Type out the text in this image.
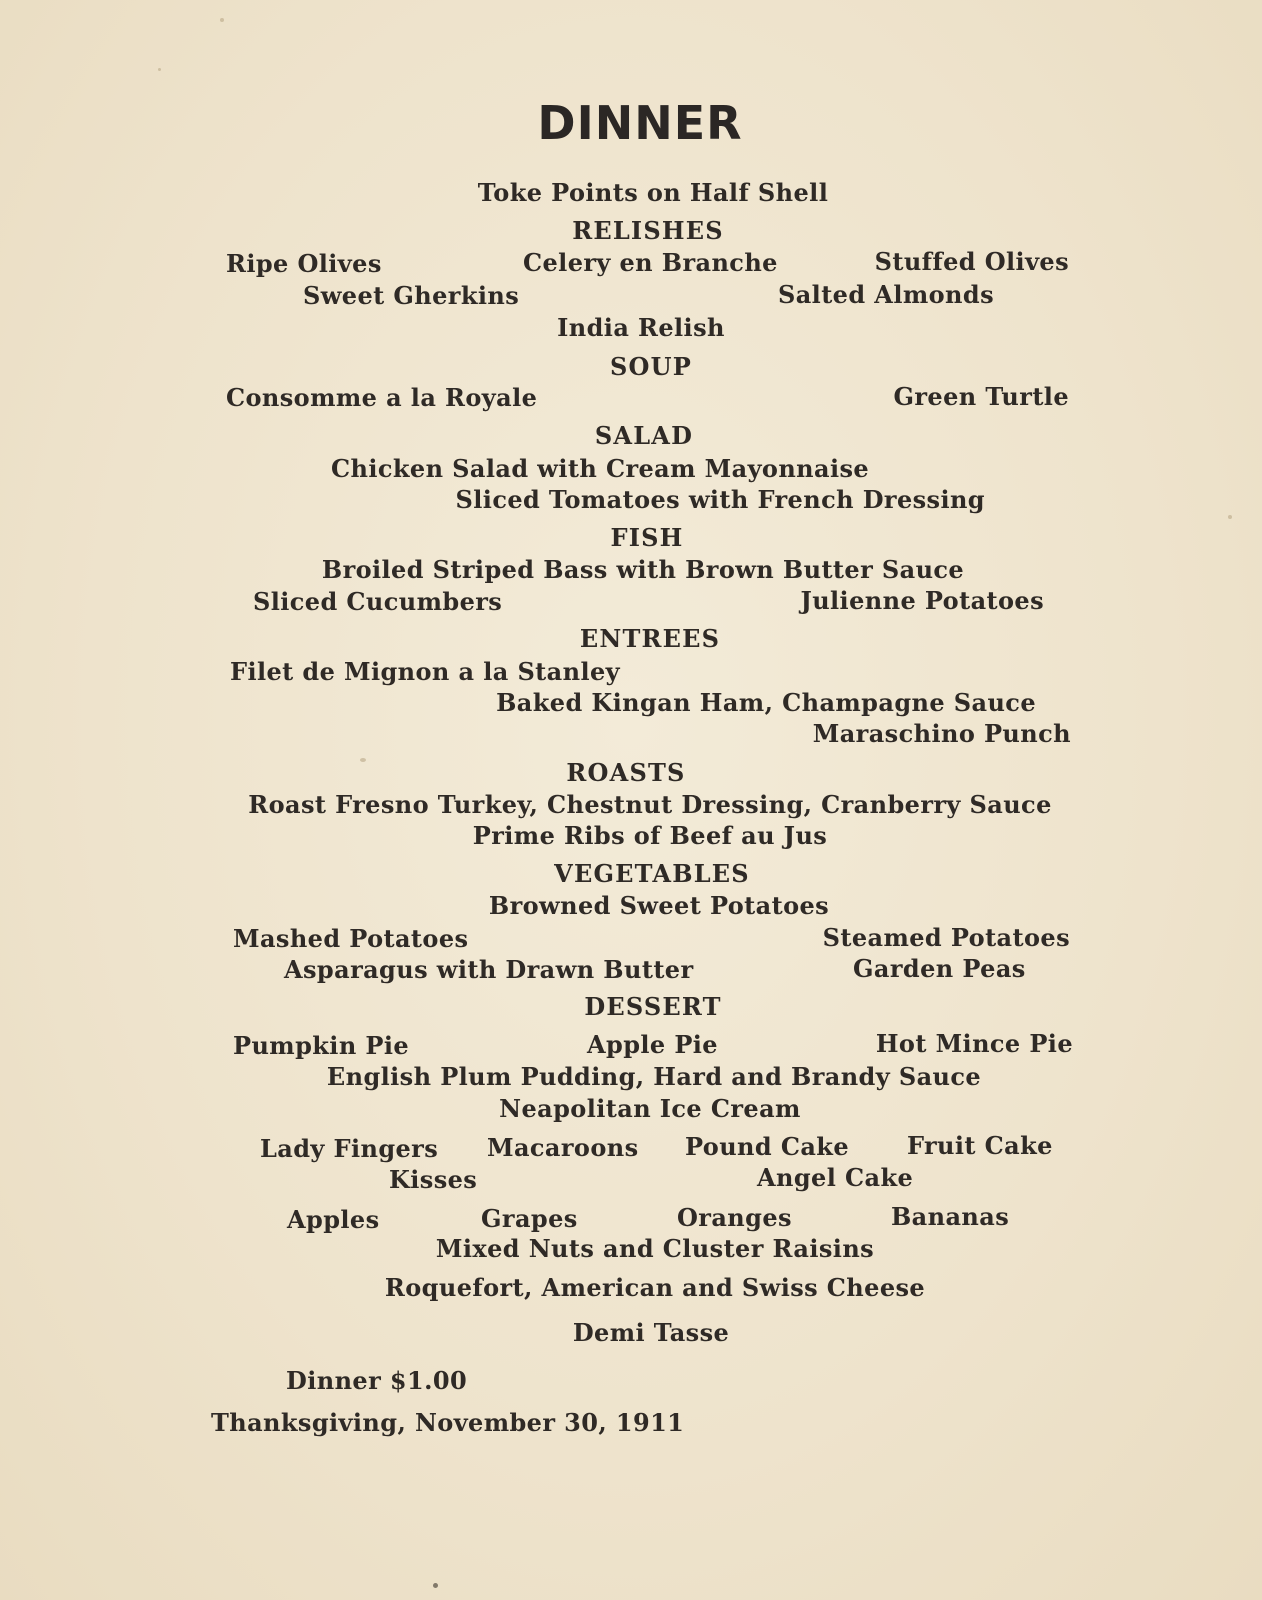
DINNER
Toke Points on Half Shell
RELISHES
Ripe Olives	Celery en Branche	Stuffed Olives
Sweet Gherkins	Salted Almonds
India Relish
SOUP
Consomme a la Royale	Green Turtle
SALAD
Chicken Salad with Cream Mayonnaise
Sliced Tomatoes with French Dressing
FISH
Broiled Striped Bass with Brown Butter Sauce
Sliced Cucumbers	Julienne Potatoes
ENTREES
Filet de Mignon a la Stanley
Baked Kingan Ham, Champagne Sauce
Maraschino Punch
ROASTS
Roast Fresno Turkey, Chestnut Dressing, Cranberry Sauce
Prime Ribs of Beef au Jus
VEGETABLES
Browned Sweet Potatoes
Mashed Potatoes	Steamed Potatoes
Asparagus with Drawn Butter	Garden Peas
DESSERT
Pumpkin Pie	Apple Pie	Hot Mince Pie
English Plum Pudding, Hard and Brandy Sauce
Neapolitan Ice Cream
Lady Fingers Macaroons Pound Cake Fruit Cake
Kisses	Angel Cake
Apples	Grapes	Oranges	Bananas
Mixed Nuts and Cluster Raisins
Roquefort, American and Swiss Cheese
Demi Tasse
Dinner $1.00
Thanksgiving, November 30, 1911
